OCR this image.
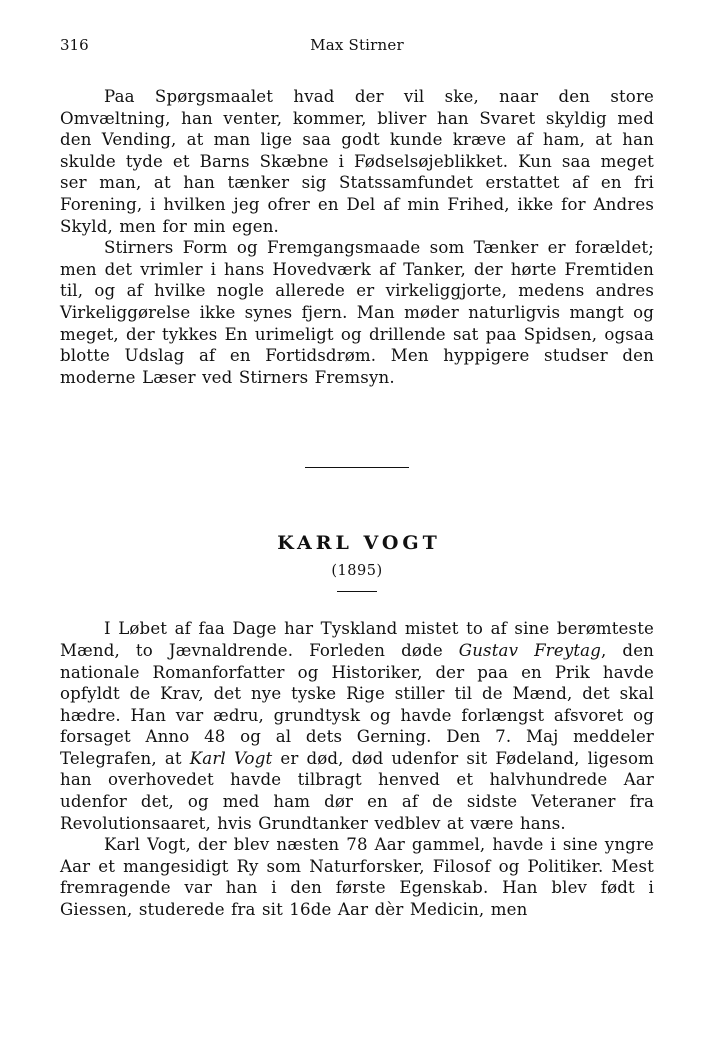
316	Max Stirner

Paa Spørgsmaalet hvad der vil ske, naar den store Omvæltning, han venter, kommer, bliver han Svaret skyldig med den Vending, at man lige saa godt kunde kræve af ham, at han skulde tyde et Barns Skæbne i Fødselsøjeblikket. Kun saa meget ser man, at han tænker sig Statssamfundet erstattet af en fri Forening, i hvilken jeg ofrer en Del af min Frihed, ikke for Andres Skyld, men for min egen.

Stirners Form og Fremgangsmaade som Tænker er forældet; men det vrimler i hans Hovedværk af Tanker, der hørte Fremtiden til, og af hvilke nogle allerede er virkeliggjorte, medens andres Virkeliggørelse ikke synes fjern. Man møder naturligvis mangt og meget, der tykkes En urimeligt og drillende sat paa Spidsen, ogsaa blotte Udslag af en Fortidsdrøm. Men hyppigere studser den moderne Læser ved Stirners Fremsyn.

KARL VOGT
(1895)

I Løbet af faa Dage har Tyskland mistet to af sine berømteste Mænd, to Jævnaldrende. Forleden døde Gustav Freytag, den nationale Romanforfatter og Historiker, der paa en Prik havde opfyldt de Krav, det nye tyske Rige stiller til de Mænd, det skal hædre. Han var ædru, grundtysk og havde forlængst afsvoret og forsaget Anno 48 og al dets Gerning. Den 7. Maj meddeler Telegrafen, at Karl Vogt er død, død udenfor sit Fødeland, ligesom han overhovedet havde tilbragt henved et halvhundrede Aar udenfor det, og med ham dør en af de sidste Veteraner fra Revolutionsaaret, hvis Grundtanker vedblev at være hans.

Karl Vogt, der blev næsten 78 Aar gammel, havde i sine yngre Aar et mangesidigt Ry som Naturforsker, Filosof og Politiker. Mest fremragende var han i den første Egenskab. Han blev født i Giessen, studerede fra sit 16de Aar dèr Medicin, men
